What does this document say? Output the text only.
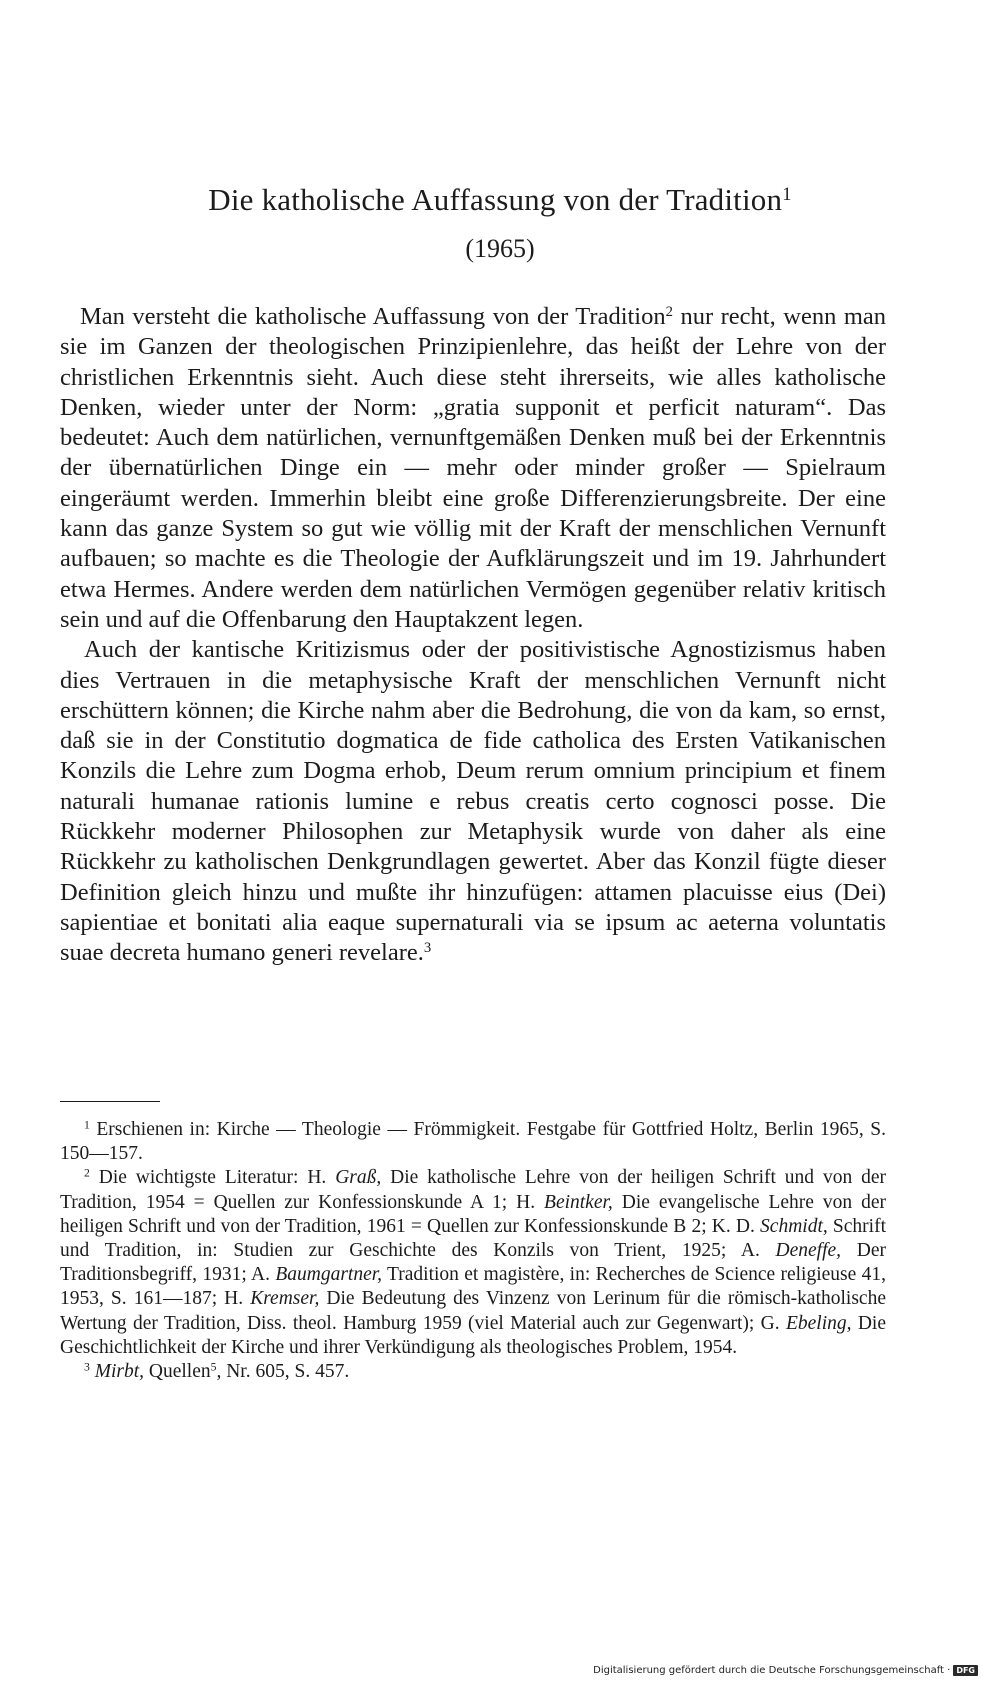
Die katholische Auffassung von der Tradition$^1$
(1965)

Man versteht die katholische Auffassung von der Tradition$^2$ nur recht, wenn man sie im Ganzen der theologischen Prinzipienlehre, das heißt der Lehre von der christlichen Erkenntnis sieht. Auch diese steht ihrerseits, wie alles katholische Denken, wieder unter der Norm: „gratia supponit et perficit naturam“. Das bedeutet: Auch dem natürlichen, vernunftgemäßen Denken muß bei der Erkenntnis der übernatürlichen Dinge ein — mehr oder minder großer — Spielraum eingeräumt werden. Immerhin bleibt eine große Differenzierungsbreite. Der eine kann das ganze System so gut wie völlig mit der Kraft der menschlichen Vernunft aufbauen; so machte es die Theologie der Aufklärungszeit und im 19. Jahrhundert etwa Hermes. Andere werden dem natürlichen Vermögen gegenüber relativ kritisch sein und auf die Offenbarung den Hauptakzent legen.

Auch der kantische Kritizismus oder der positivistische Agnostizismus haben dies Vertrauen in die metaphysische Kraft der menschlichen Vernunft nicht erschüttern können; die Kirche nahm aber die Bedrohung, die von da kam, so ernst, daß sie in der Constitutio dogmatica de fide catholica des Ersten Vatikanischen Konzils die Lehre zum Dogma erhob, Deum rerum omnium principium et finem naturali humanae rationis lumine e rebus creatis certo cognosci posse. Die Rückkehr moderner Philosophen zur Metaphysik wurde von daher als eine Rückkehr zu katholischen Denkgrundlagen gewertet. Aber das Konzil fügte dieser Definition gleich hinzu und mußte ihr hinzufügen: attamen placuisse eius (Dei) sapientiae et bonitati alia eaque supernaturali via se ipsum ac aeterna voluntatis suae decreta humano generi revelare.$^3$

$^1$ Erschienen in: Kirche — Theologie — Frömmigkeit. Festgabe für Gottfried Holtz, Berlin 1965, S. 150—157.

$^2$ Die wichtigste Literatur: H. Graß, Die katholische Lehre von der heiligen Schrift und von der Tradition, 1954 = Quellen zur Konfessionskunde A 1; H. Beintker, Die evangelische Lehre von der heiligen Schrift und von der Tradition, 1961 = Quellen zur Konfessionskunde B 2; K. D. Schmidt, Schrift und Tradition, in: Studien zur Geschichte des Konzils von Trient, 1925; A. Deneffe, Der Traditionsbegriff, 1931; A. Baumgartner, Tradition et magistère, in: Recherches de Science religieuse 41, 1953, S. 161—187; H. Kremser, Die Bedeutung des Vinzenz von Lerinum für die römisch-katholische Wertung der Tradition, Diss. theol. Hamburg 1959 (viel Material auch zur Gegenwart); G. Ebeling, Die Geschichtlichkeit der Kirche und ihrer Verkündigung als theologisches Problem, 1954.

$^3$ Mirbt, Quellen$^5$, Nr. 605, S. 457.

Digitalisierung gefördert durch die Deutsche Forschungsgemeinschaft · DFG
